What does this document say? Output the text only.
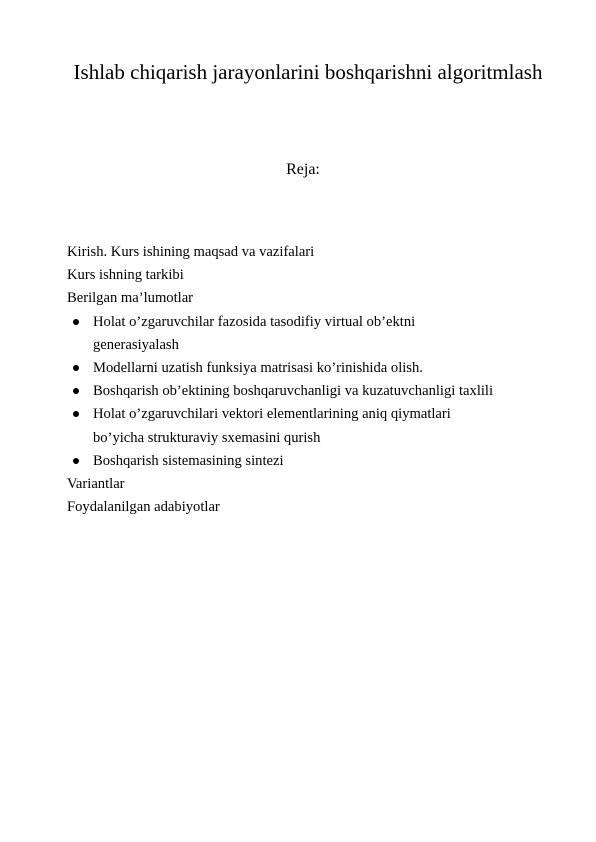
Ishlab chiqarish jarayonlarini boshqarishni algoritmlash
Reja:
Kirish. Kurs ishining maqsad va vazifalari
Kurs ishning tarkibi
Berilgan ma’lumotlar
Holat o’zgaruvchilar fazosida tasodifiy virtual ob’ektni generasiyalash
Modellarni uzatish funksiya matrisasi ko’rinishida olish.
Boshqarish ob’ektining boshqaruvchanligi va kuzatuvchanligi taxlili
Holat o’zgaruvchilari vektori elementlarining aniq qiymatlari bo’yicha strukturaviy sxemasini qurish
Boshqarish sistemasining sintezi
Variantlar
Foydalanilgan adabiyotlar
